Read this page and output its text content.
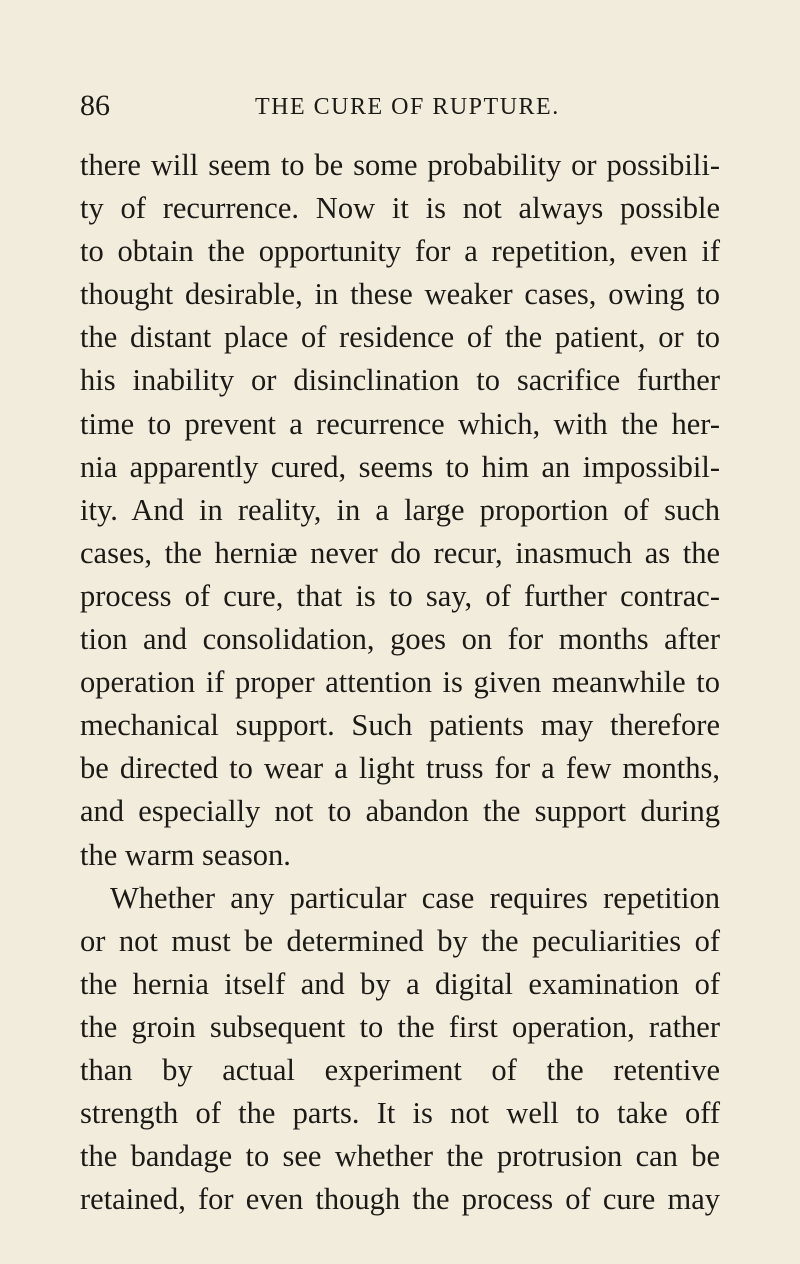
86	THE CURE OF RUPTURE.
there will seem to be some probability or possibili-
ty of recurrence. Now it is not always possible
to obtain the opportunity for a repetition, even if
thought desirable, in these weaker cases, owing to
the distant place of residence of the patient, or to
his inability or disinclination to sacrifice further
time to prevent a recurrence which, with the her-
nia apparently cured, seems to him an impossibil-
ity. And in reality, in a large proportion of such
cases, the herniæ never do recur, inasmuch as the
process of cure, that is to say, of further contrac-
tion and consolidation, goes on for months after
operation if proper attention is given meanwhile to
mechanical support. Such patients may therefore
be directed to wear a light truss for a few months,
and especially not to abandon the support during
the warm season.
Whether any particular case requires repetition
or not must be determined by the peculiarities of
the hernia itself and by a digital examination of
the groin subsequent to the first operation, rather
than by actual experiment of the retentive
strength of the parts. It is not well to take off
the bandage to see whether the protrusion can be
retained, for even though the process of cure may
